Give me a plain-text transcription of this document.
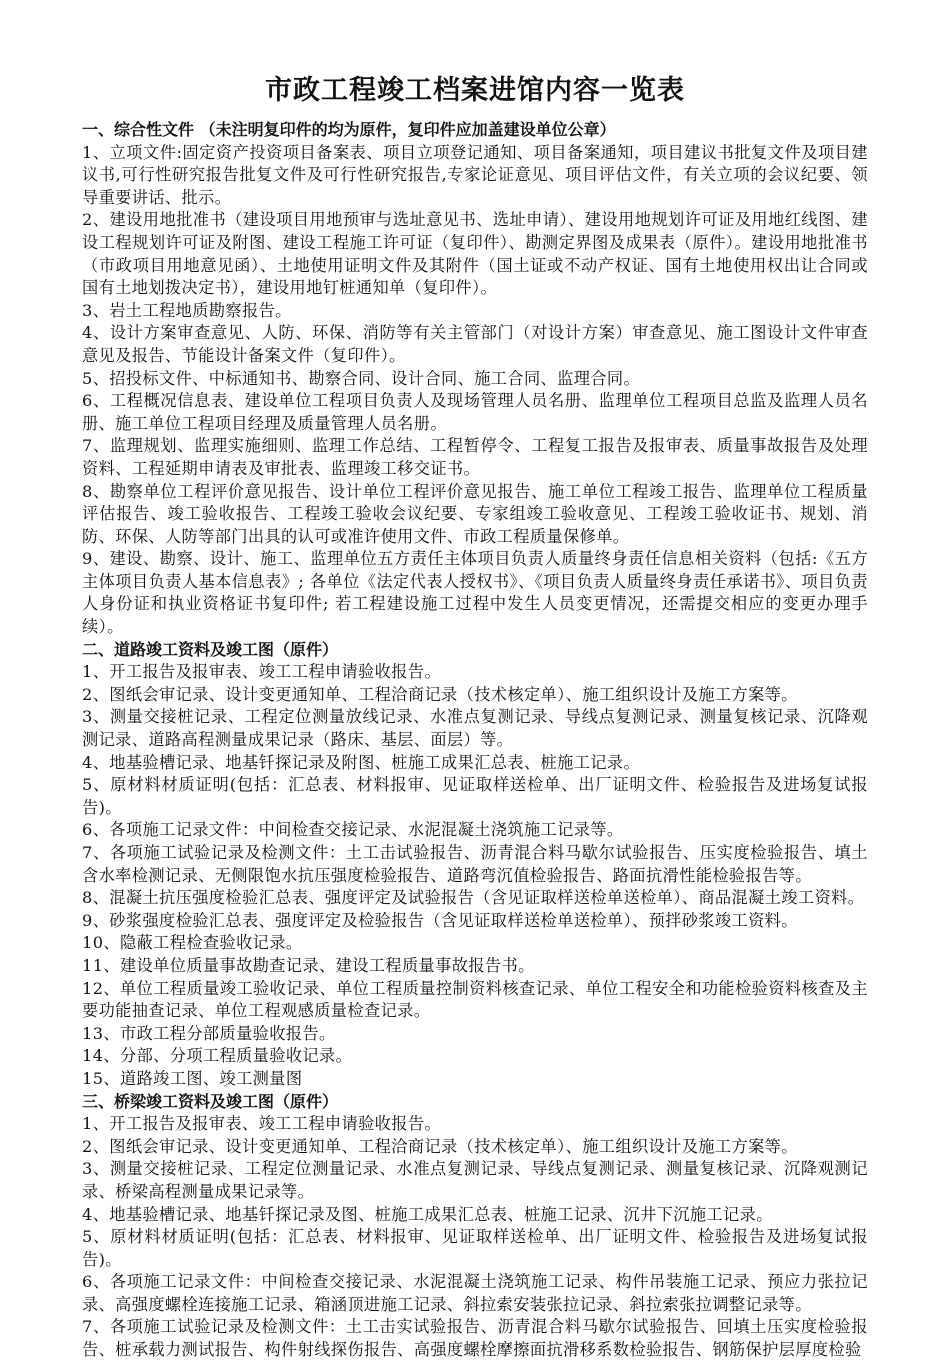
市政工程竣工档案进馆内容一览表
一、综合性文件 （未注明复印件的均为原件，复印件应加盖建设单位公章）
1、立项文件:固定资产投资项目备案表、项目立项登记通知、项目备案通知，项目建议书批复文件及项目建议书,可行性研究报告批复文件及可行性研究报告,专家论证意见、项目评估文件，有关立项的会议纪要、领导重要讲话、批示。
2、建设用地批准书（建设项目用地预审与选址意见书、选址申请）、建设用地规划许可证及用地红线图、建设工程规划许可证及附图、建设工程施工许可证（复印件）、勘测定界图及成果表（原件）。建设用地批准书（市政项目用地意见函）、土地使用证明文件及其附件（国土证或不动产权证、国有土地使用权出让合同或国有土地划拨决定书），建设用地钉桩通知单（复印件）。
3、岩土工程地质勘察报告。
4、设计方案审查意见、人防、环保、消防等有关主管部门（对设计方案）审查意见、施工图设计文件审查意见及报告、节能设计备案文件（复印件）。
5、招投标文件、中标通知书、勘察合同、设计合同、施工合同、监理合同。
6、工程概况信息表、建设单位工程项目负责人及现场管理人员名册、监理单位工程项目总监及监理人员名册、施工单位工程项目经理及质量管理人员名册。
7、监理规划、监理实施细则、监理工作总结、工程暂停令、工程复工报告及报审表、质量事故报告及处理资料、工程延期申请表及审批表、监理竣工移交证书。
8、勘察单位工程评价意见报告、设计单位工程评价意见报告、施工单位工程竣工报告、监理单位工程质量评估报告、竣工验收报告、工程竣工验收会议纪要、专家组竣工验收意见、工程竣工验收证书、规划、消防、环保、人防等部门出具的认可或准许使用文件、市政工程质量保修单。
9、建设、勘察、设计、施工、监理单位五方责任主体项目负责人质量终身责任信息相关资料（包括:《五方主体项目负责人基本信息表》; 各单位《法定代表人授权书》、《项目负责人质量终身责任承诺书》、项目负责人身份证和执业资格证书复印件; 若工程建设施工过程中发生人员变更情况，还需提交相应的变更办理手续）。
二、道路竣工资料及竣工图（原件）
1、开工报告及报审表、竣工工程申请验收报告。
2、图纸会审记录、设计变更通知单、工程洽商记录（技术核定单）、施工组织设计及施工方案等。
3、测量交接桩记录、工程定位测量放线记录、水准点复测记录、导线点复测记录、测量复核记录、沉降观测记录、道路高程测量成果记录（路床、基层、面层）等。
4、地基验槽记录、地基钎探记录及附图、桩施工成果汇总表、桩施工记录。
5、原材料材质证明(包括：汇总表、材料报审、见证取样送检单、出厂证明文件、检验报告及进场复试报告)。
6、各项施工记录文件：中间检查交接记录、水泥混凝土浇筑施工记录等。
7、各项施工试验记录及检测文件：土工击试验报告、沥青混合料马歇尔试验报告、压实度检验报告、填土含水率检测记录、无侧限饱水抗压强度检验报告、道路弯沉值检验报告、路面抗滑性能检验报告等。
8、混凝土抗压强度检验汇总表、强度评定及试验报告（含见证取样送检单送检单）、商品混凝土竣工资料。
9、砂浆强度检验汇总表、强度评定及检验报告（含见证取样送检单送检单）、预拌砂浆竣工资料。
10、隐蔽工程检查验收记录。
11、建设单位质量事故勘查记录、建设工程质量事故报告书。
12、单位工程质量竣工验收记录、单位工程质量控制资料核查记录、单位工程安全和功能检验资料核查及主要功能抽查记录、单位工程观感质量检查记录。
13、市政工程分部质量验收报告。
14、分部、分项工程质量验收记录。
15、道路竣工图、竣工测量图
三、桥梁竣工资料及竣工图（原件）
1、开工报告及报审表、竣工工程申请验收报告。
2、图纸会审记录、设计变更通知单、工程洽商记录（技术核定单）、施工组织设计及施工方案等。
3、测量交接桩记录、工程定位测量记录、水准点复测记录、导线点复测记录、测量复核记录、沉降观测记录、桥梁高程测量成果记录等。
4、地基验槽记录、地基钎探记录及图、桩施工成果汇总表、桩施工记录、沉井下沉施工记录。
5、原材料材质证明(包括：汇总表、材料报审、见证取样送检单、出厂证明文件、检验报告及进场复试报告)。
6、各项施工记录文件：中间检查交接记录、水泥混凝土浇筑施工记录、构件吊装施工记录、预应力张拉记录、高强度螺栓连接施工记录、箱涵顶进施工记录、斜拉索安装张拉记录、斜拉索张拉调整记录等。
7、各项施工试验记录及检测文件：土工击实试验报告、沥青混合料马歇尔试验报告、回填土压实度检验报告、桩承载力测试报告、构件射线探伤报告、高强度螺栓摩擦面抗滑移系数检验报告、钢筋保护层厚度检验
